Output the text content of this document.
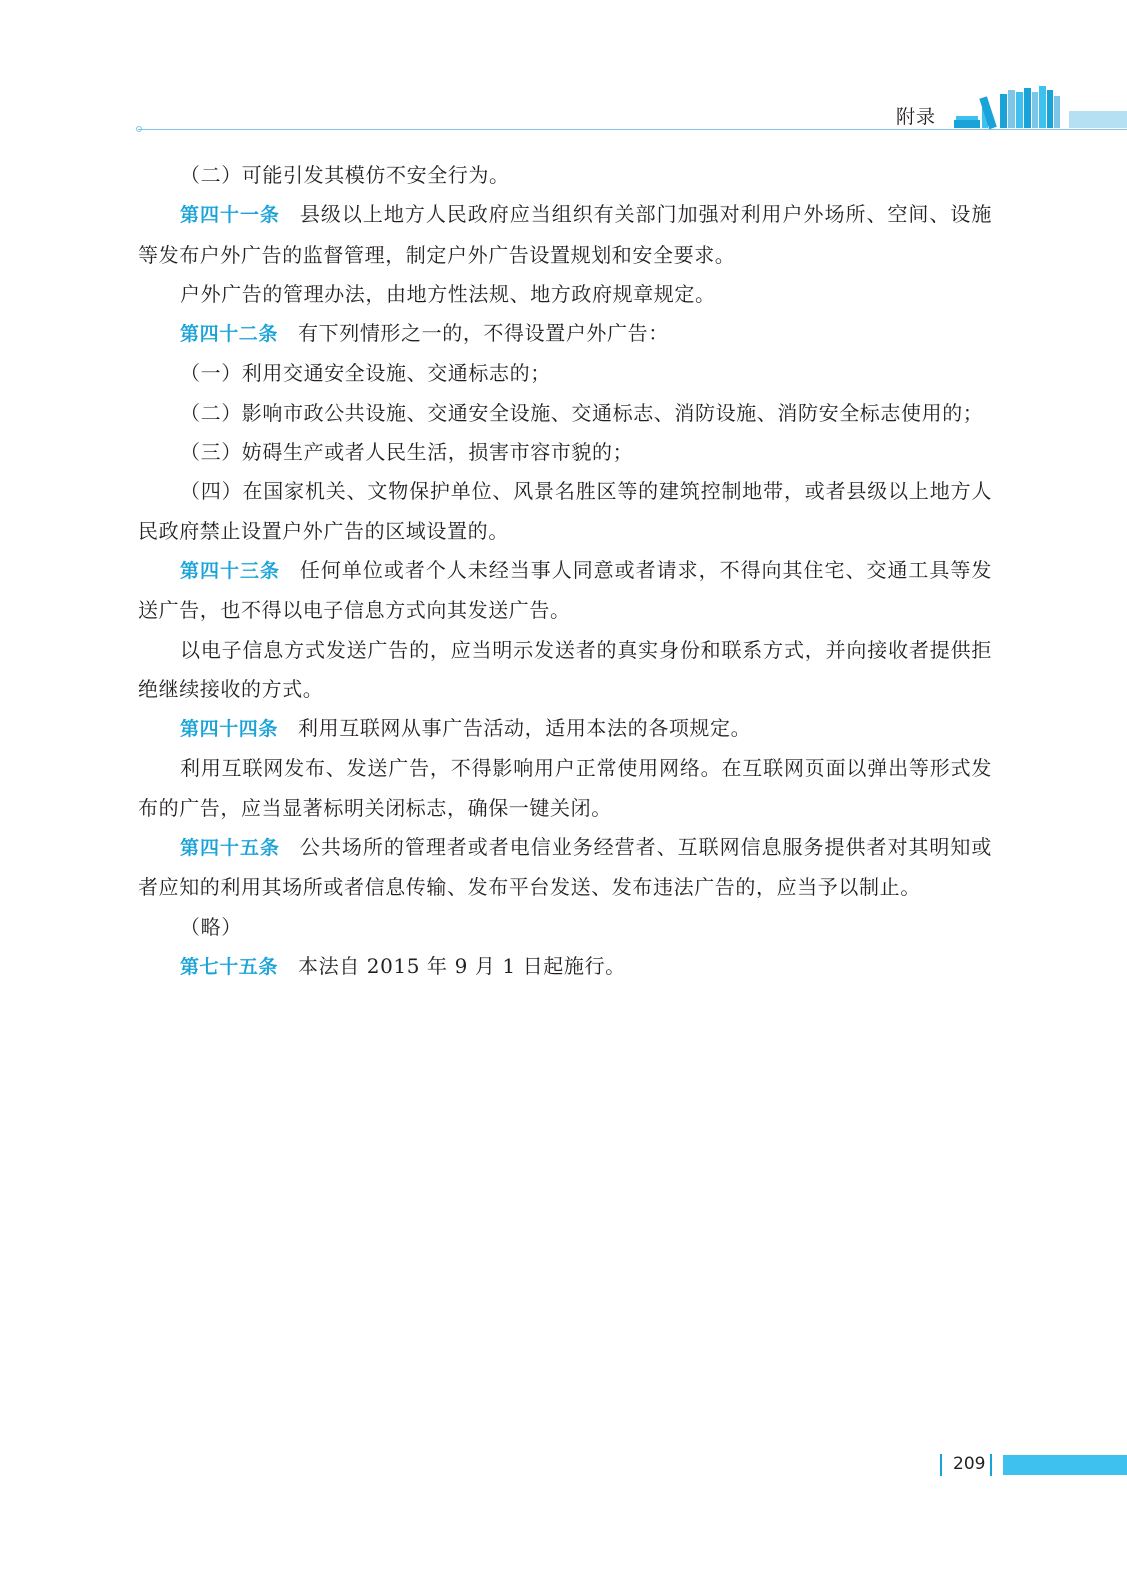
附录

（二）可能引发其模仿不安全行为。

第四十一条 县级以上地方人民政府应当组织有关部门加强对利用户外场所、空间、设施等发布户外广告的监督管理，制定户外广告设置规划和安全要求。

户外广告的管理办法，由地方性法规、地方政府规章规定。

第四十二条 有下列情形之一的，不得设置户外广告：

（一）利用交通安全设施、交通标志的；

（二）影响市政公共设施、交通安全设施、交通标志、消防设施、消防安全标志使用的；

（三）妨碍生产或者人民生活，损害市容市貌的；

（四）在国家机关、文物保护单位、风景名胜区等的建筑控制地带，或者县级以上地方人民政府禁止设置户外广告的区域设置的。

第四十三条 任何单位或者个人未经当事人同意或者请求，不得向其住宅、交通工具等发送广告，也不得以电子信息方式向其发送广告。

以电子信息方式发送广告的，应当明示发送者的真实身份和联系方式，并向接收者提供拒绝继续接收的方式。

第四十四条 利用互联网从事广告活动，适用本法的各项规定。

利用互联网发布、发送广告，不得影响用户正常使用网络。在互联网页面以弹出等形式发布的广告，应当显著标明关闭标志，确保一键关闭。

第四十五条 公共场所的管理者或者电信业务经营者、互联网信息服务提供者对其明知或者应知的利用其场所或者信息传输、发布平台发送、发布违法广告的，应当予以制止。

（略）

第七十五条 本法自 2015 年 9 月 1 日起施行。

209
